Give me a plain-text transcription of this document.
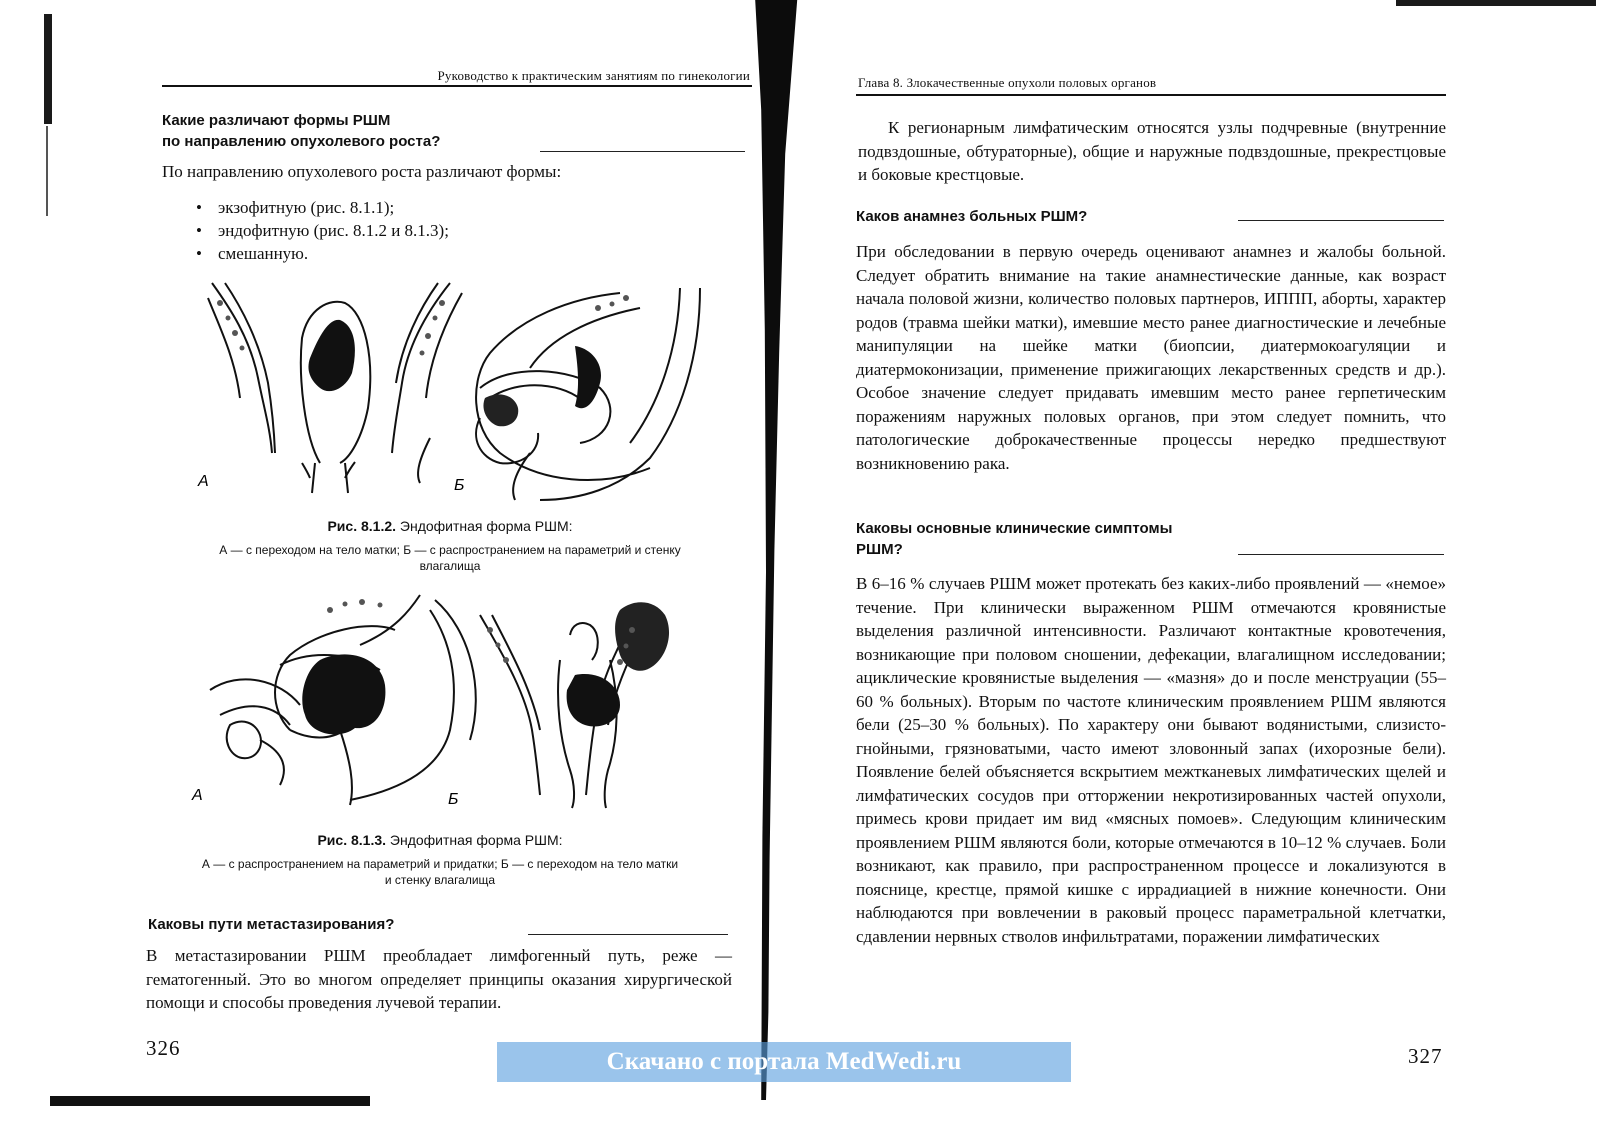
Руководство к практическим занятиям по гинекологии
Какие различают формы РШМ
по направлению опухолевого роста?

По направлению опухолевого роста различают формы:

• экзофитную (рис. 8.1.1);
• эндофитную (рис. 8.1.2 и 8.1.3);
• смешанную.
А	Б
Рис. 8.1.2. Эндофитная форма РШМ:
А — с переходом на тело матки; Б — с распространением на параметрий и стенку
влагалища
А	Б
Рис. 8.1.3. Эндофитная форма РШМ:
А — с распространением на параметрий и придатки; Б — с переходом на тело матки
и стенку влагалища
Каковы пути метастазирования?

В метастазировании РШМ преобладает лимфогенный путь, реже — гематогенный. Это во многом определяет принципы оказания хирургической помощи и способы проведения лучевой терапии.

326
Глава 8. Злокачественные опухоли половых органов

К регионарным лимфатическим относятся узлы подчревные (внутренние подвздошные, обтураторные), общие и наружные подвздошные, прекрестцовые и боковые крестцовые.

Каков анамнез больных РШМ?

При обследовании в первую очередь оценивают анамнез и жалобы больной. Следует обратить внимание на такие анамнестические данные, как возраст начала половой жизни, количество половых партнеров, ИППП, аборты, характер родов (травма шейки матки), имевшие место ранее диагностические и лечебные манипуляции на шейке матки (биопсии, диатермокоагуляции и диатермоконизации, применение прижигающих лекарственных средств и др.). Особое значение следует придавать имевшим место ранее герпетическим поражениям наружных половых органов, при этом следует помнить, что патологические доброкачественные процессы нередко предшествуют возникновению рака.

Каковы основные клинические симптомы
РШМ?

В 6–16 % случаев РШМ может протекать без каких-либо проявлений — «немое» течение. При клинически выраженном РШМ отмечаются кровянистые выделения различной интенсивности. Различают контактные кровотечения, возникающие при половом сношении, дефекации, влагалищном исследовании; ациклические кровянистые выделения — «мазня» до и после менструации (55–60 % больных). Вторым по частоте клиническим проявлением РШМ являются бели (25–30 % больных). По характеру они бывают водянистыми, слизисто-гнойными, грязноватыми, часто имеют зловонный запах (ихорозные бели). Появление белей объясняется вскрытием межтканевых лимфатических щелей и лимфатических сосудов при отторжении некротизированных частей опухоли, примесь крови придает им вид «мясных помоев». Следующим клиническим проявлением РШМ являются боли, которые отмечаются в 10–12 % случаев. Боли возникают, как правило, при распространенном процессе и локализуются в пояснице, крестце, прямой кишке с иррадиацией в нижние конечности. Они наблюдаются при вовлечении в раковый процесс параметральной клетчатки, сдавлении нервных стволов инфильтратами, поражении лимфатических

327
Скачано с портала MedWedi.ru
